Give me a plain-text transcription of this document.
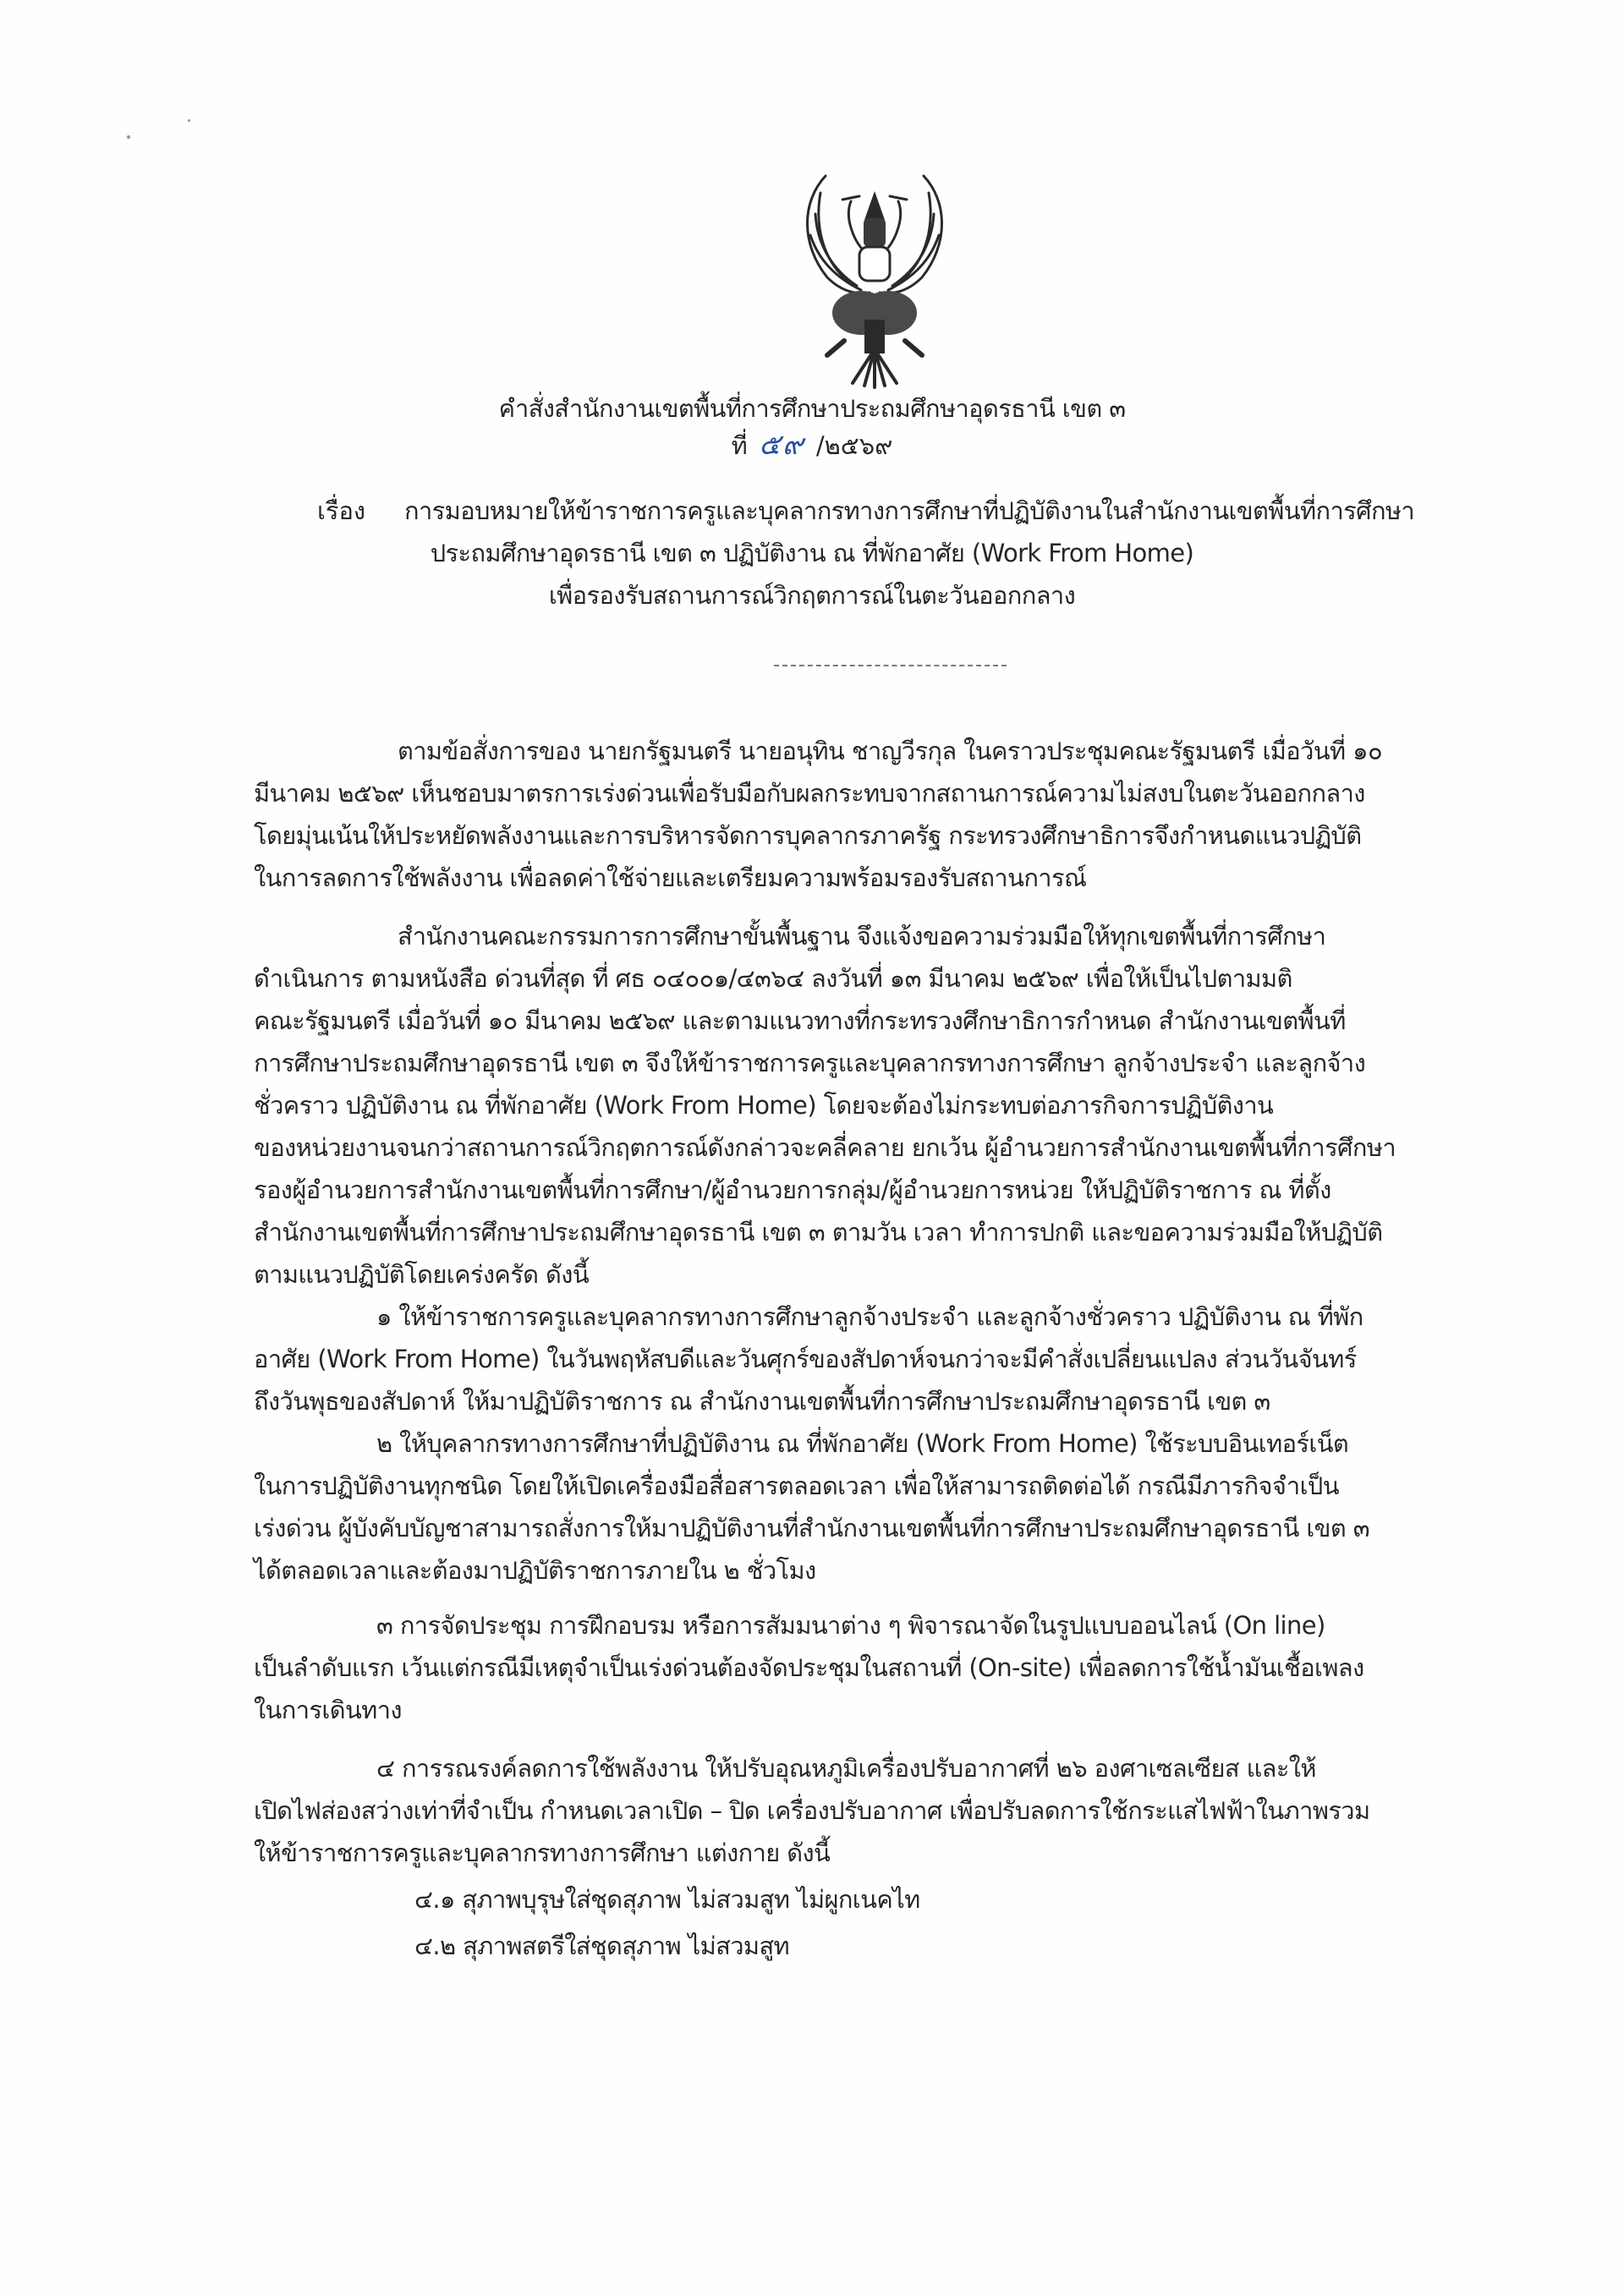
คำสั่งสำนักงานเขตพื้นที่การศึกษาประถมศึกษาอุดรธานี เขต ๓
ที่ ๕๙ /๒๕๖๙
เรื่อง การมอบหมายให้ข้าราชการครูและบุคลากรทางการศึกษาที่ปฏิบัติงานในสำนักงานเขตพื้นที่การศึกษา
ประถมศึกษาอุดรธานี เขต ๓ ปฏิบัติงาน ณ ที่พักอาศัย (Work From Home)
เพื่อรองรับสถานการณ์วิกฤตการณ์ในตะวันออกกลาง
ตามข้อสั่งการของ นายกรัฐมนตรี นายอนุทิน ชาญวีรกุล ในคราวประชุมคณะรัฐมนตรี เมื่อวันที่ ๑๐
มีนาคม ๒๕๖๙ เห็นชอบมาตรการเร่งด่วนเพื่อรับมือกับผลกระทบจากสถานการณ์ความไม่สงบในตะวันออกกลาง
โดยมุ่นเน้นให้ประหยัดพลังงานและการบริหารจัดการบุคลากรภาครัฐ กระทรวงศึกษาธิการจึงกำหนดแนวปฏิบัติ
ในการลดการใช้พลังงาน เพื่อลดค่าใช้จ่ายและเตรียมความพร้อมรองรับสถานการณ์
สำนักงานคณะกรรมการการศึกษาขั้นพื้นฐาน จึงแจ้งขอความร่วมมือให้ทุกเขตพื้นที่การศึกษา
ดำเนินการ ตามหนังสือ ด่วนที่สุด ที่ ศธ ๐๔๐๐๑/๔๓๖๔ ลงวันที่ ๑๓ มีนาคม ๒๕๖๙ เพื่อให้เป็นไปตามมติ
คณะรัฐมนตรี เมื่อวันที่ ๑๐ มีนาคม ๒๕๖๙ และตามแนวทางที่กระทรวงศึกษาธิการกำหนด สำนักงานเขตพื้นที่
การศึกษาประถมศึกษาอุดรธานี เขต ๓ จึงให้ข้าราชการครูและบุคลากรทางการศึกษา ลูกจ้างประจำ และลูกจ้าง
ชั่วคราว ปฏิบัติงาน ณ ที่พักอาศัย (Work From Home) โดยจะต้องไม่กระทบต่อภารกิจการปฏิบัติงาน
ของหน่วยงานจนกว่าสถานการณ์วิกฤตการณ์ดังกล่าวจะคลี่คลาย ยกเว้น ผู้อำนวยการสำนักงานเขตพื้นที่การศึกษา
รองผู้อำนวยการสำนักงานเขตพื้นที่การศึกษา/ผู้อำนวยการกลุ่ม/ผู้อำนวยการหน่วย ให้ปฏิบัติราชการ ณ ที่ตั้ง
สำนักงานเขตพื้นที่การศึกษาประถมศึกษาอุดรธานี เขต ๓ ตามวัน เวลา ทำการปกติ และขอความร่วมมือให้ปฏิบัติ
ตามแนวปฏิบัติโดยเคร่งครัด ดังนี้
๑ ให้ข้าราชการครูและบุคลากรทางการศึกษาลูกจ้างประจำ และลูกจ้างชั่วคราว ปฏิบัติงาน ณ ที่พัก
อาศัย (Work From Home) ในวันพฤหัสบดีและวันศุกร์ของสัปดาห์จนกว่าจะมีคำสั่งเปลี่ยนแปลง ส่วนวันจันทร์
ถึงวันพุธของสัปดาห์ ให้มาปฏิบัติราชการ ณ สำนักงานเขตพื้นที่การศึกษาประถมศึกษาอุดรธานี เขต ๓
๒ ให้บุคลากรทางการศึกษาที่ปฏิบัติงาน ณ ที่พักอาศัย (Work From Home) ใช้ระบบอินเทอร์เน็ต
ในการปฏิบัติงานทุกชนิด โดยให้เปิดเครื่องมือสื่อสารตลอดเวลา เพื่อให้สามารถติดต่อได้ กรณีมีภารกิจจำเป็น
เร่งด่วน ผู้บังคับบัญชาสามารถสั่งการให้มาปฏิบัติงานที่สำนักงานเขตพื้นที่การศึกษาประถมศึกษาอุดรธานี เขต ๓
ได้ตลอดเวลาและต้องมาปฏิบัติราชการภายใน ๒ ชั่วโมง
๓ การจัดประชุม การฝึกอบรม หรือการสัมมนาต่าง ๆ พิจารณาจัดในรูปแบบออนไลน์ (On line)
เป็นลำดับแรก เว้นแต่กรณีมีเหตุจำเป็นเร่งด่วนต้องจัดประชุมในสถานที่ (On-site) เพื่อลดการใช้น้ำมันเชื้อเพลง
ในการเดินทาง
๔ การรณรงค์ลดการใช้พลังงาน ให้ปรับอุณหภูมิเครื่องปรับอากาศที่ ๒๖ องศาเซลเซียส และให้
เปิดไฟส่องสว่างเท่าที่จำเป็น กำหนดเวลาเปิด – ปิด เครื่องปรับอากาศ เพื่อปรับลดการใช้กระแสไฟฟ้าในภาพรวม
ให้ข้าราชการครูและบุคลากรทางการศึกษา แต่งกาย ดังนี้
๔.๑ สุภาพบุรุษใส่ชุดสุภาพ ไม่สวมสูท ไม่ผูกเนคไท
๔.๒ สุภาพสตรีใส่ชุดสุภาพ ไม่สวมสูท
